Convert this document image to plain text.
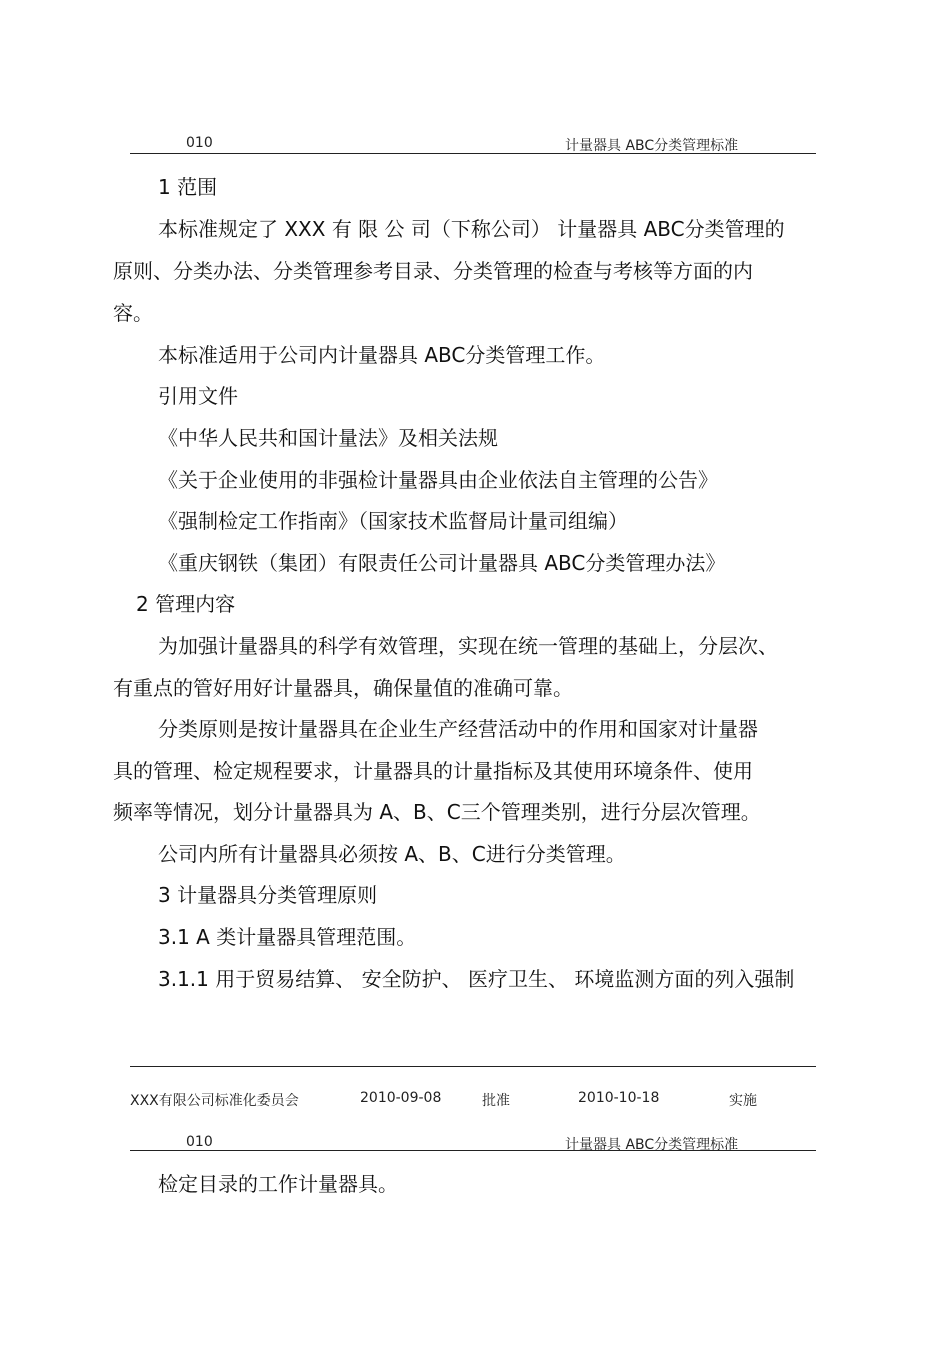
010	计量器具 ABC分类管理标准
1 范围
本标准规定了 XXX 有 限 公 司（下称公司） 计量器具 ABC分类管理的
原则、分类办法、分类管理参考目录、分类管理的检查与考核等方面的内
容。
本标准适用于公司内计量器具 ABC分类管理工作。
引用文件
《中华人民共和国计量法》及相关法规
《关于企业使用的非强检计量器具由企业依法自主管理的公告》
《强制检定工作指南》（国家技术监督局计量司组编）
《重庆钢铁（集团）有限责任公司计量器具 ABC分类管理办法》
2 管理内容
为加强计量器具的科学有效管理，实现在统一管理的基础上，分层次、
有重点的管好用好计量器具，确保量值的准确可靠。
分类原则是按计量器具在企业生产经营活动中的作用和国家对计量器
具的管理、检定规程要求，计量器具的计量指标及其使用环境条件、使用
频率等情况，划分计量器具为 A、B、C三个管理类别，进行分层次管理。
公司内所有计量器具必须按 A、B、C进行分类管理。
3 计量器具分类管理原则
3.1 A 类计量器具管理范围。
3.1.1 用于贸易结算、 安全防护、 医疗卫生、 环境监测方面的列入强制
XXX有限公司标准化委员会	2010-09-08	批准	2010-10-18	实施
010	计量器具 ABC分类管理标准
检定目录的工作计量器具。
